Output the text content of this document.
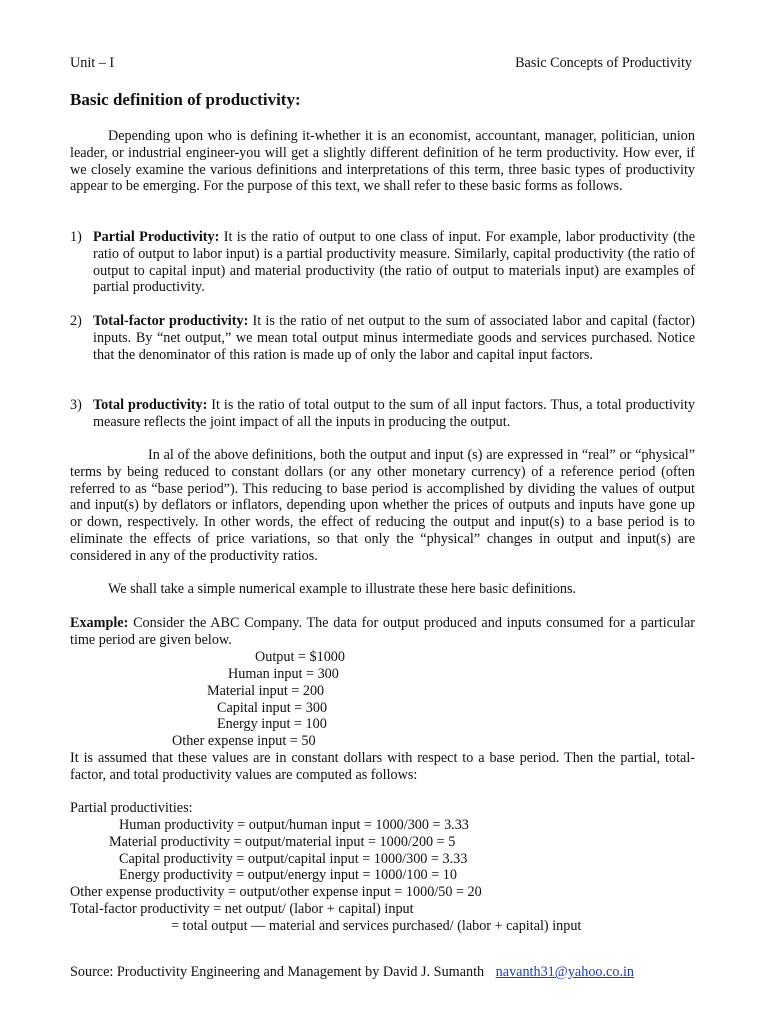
Unit – I	Basic Concepts of Productivity
Basic definition of productivity:
Depending upon who is defining it-whether it is an economist, accountant, manager, politician, union leader, or industrial engineer-you will get a slightly different definition of he term productivity. How ever, if we closely examine the various definitions and interpretations of this term, three basic types of productivity appear to be emerging. For the purpose of this text, we shall refer to these basic forms as follows.
1) Partial Productivity: It is the ratio of output to one class of input. For example, labor productivity (the ratio of output to labor input) is a partial productivity measure. Similarly, capital productivity (the ratio of output to capital input) and material productivity (the ratio of output to materials input) are examples of partial productivity.
2) Total-factor productivity: It is the ratio of net output to the sum of associated labor and capital (factor) inputs. By “net output,” we mean total output minus intermediate goods and services purchased. Notice that the denominator of this ration is made up of only the labor and capital input factors.
3) Total productivity: It is the ratio of total output to the sum of all input factors. Thus, a total productivity measure reflects the joint impact of all the inputs in producing the output.
In al of the above definitions, both the output and input (s) are expressed in “real” or “physical” terms by being reduced to constant dollars (or any other monetary currency) of a reference period (often referred to as “base period”). This reducing to base period is accomplished by dividing the values of output and input(s) by deflators or inflators, depending upon whether the prices of outputs and inputs have gone up or down, respectively. In other words, the effect of reducing the output and input(s) to a base period is to eliminate the effects of price variations, so that only the “physical” changes in output and input(s) are considered in any of the productivity ratios.
We shall take a simple numerical example to illustrate these here basic definitions.
Example: Consider the ABC Company. The data for output produced and inputs consumed for a particular time period are given below.
Output = $1000
Human input = 300
Material input = 200
Capital input = 300
Energy input = 100
Other expense input = 50
It is assumed that these values are in constant dollars with respect to a base period. Then the partial, total-factor, and total productivity values are computed as follows:
Partial productivities:
Human productivity = output/human input = 1000/300 = 3.33
Material productivity = output/material input = 1000/200 = 5
Capital productivity = output/capital input = 1000/300 = 3.33
Energy productivity = output/energy input = 1000/100 = 10
Other expense productivity = output/other expense input = 1000/50 = 20
Total-factor productivity = net output/ (labor + capital) input
= total output — material and services purchased/ (labor + capital) input
Source: Productivity Engineering and Management by David J. Sumanth navanth31@yahoo.co.in
